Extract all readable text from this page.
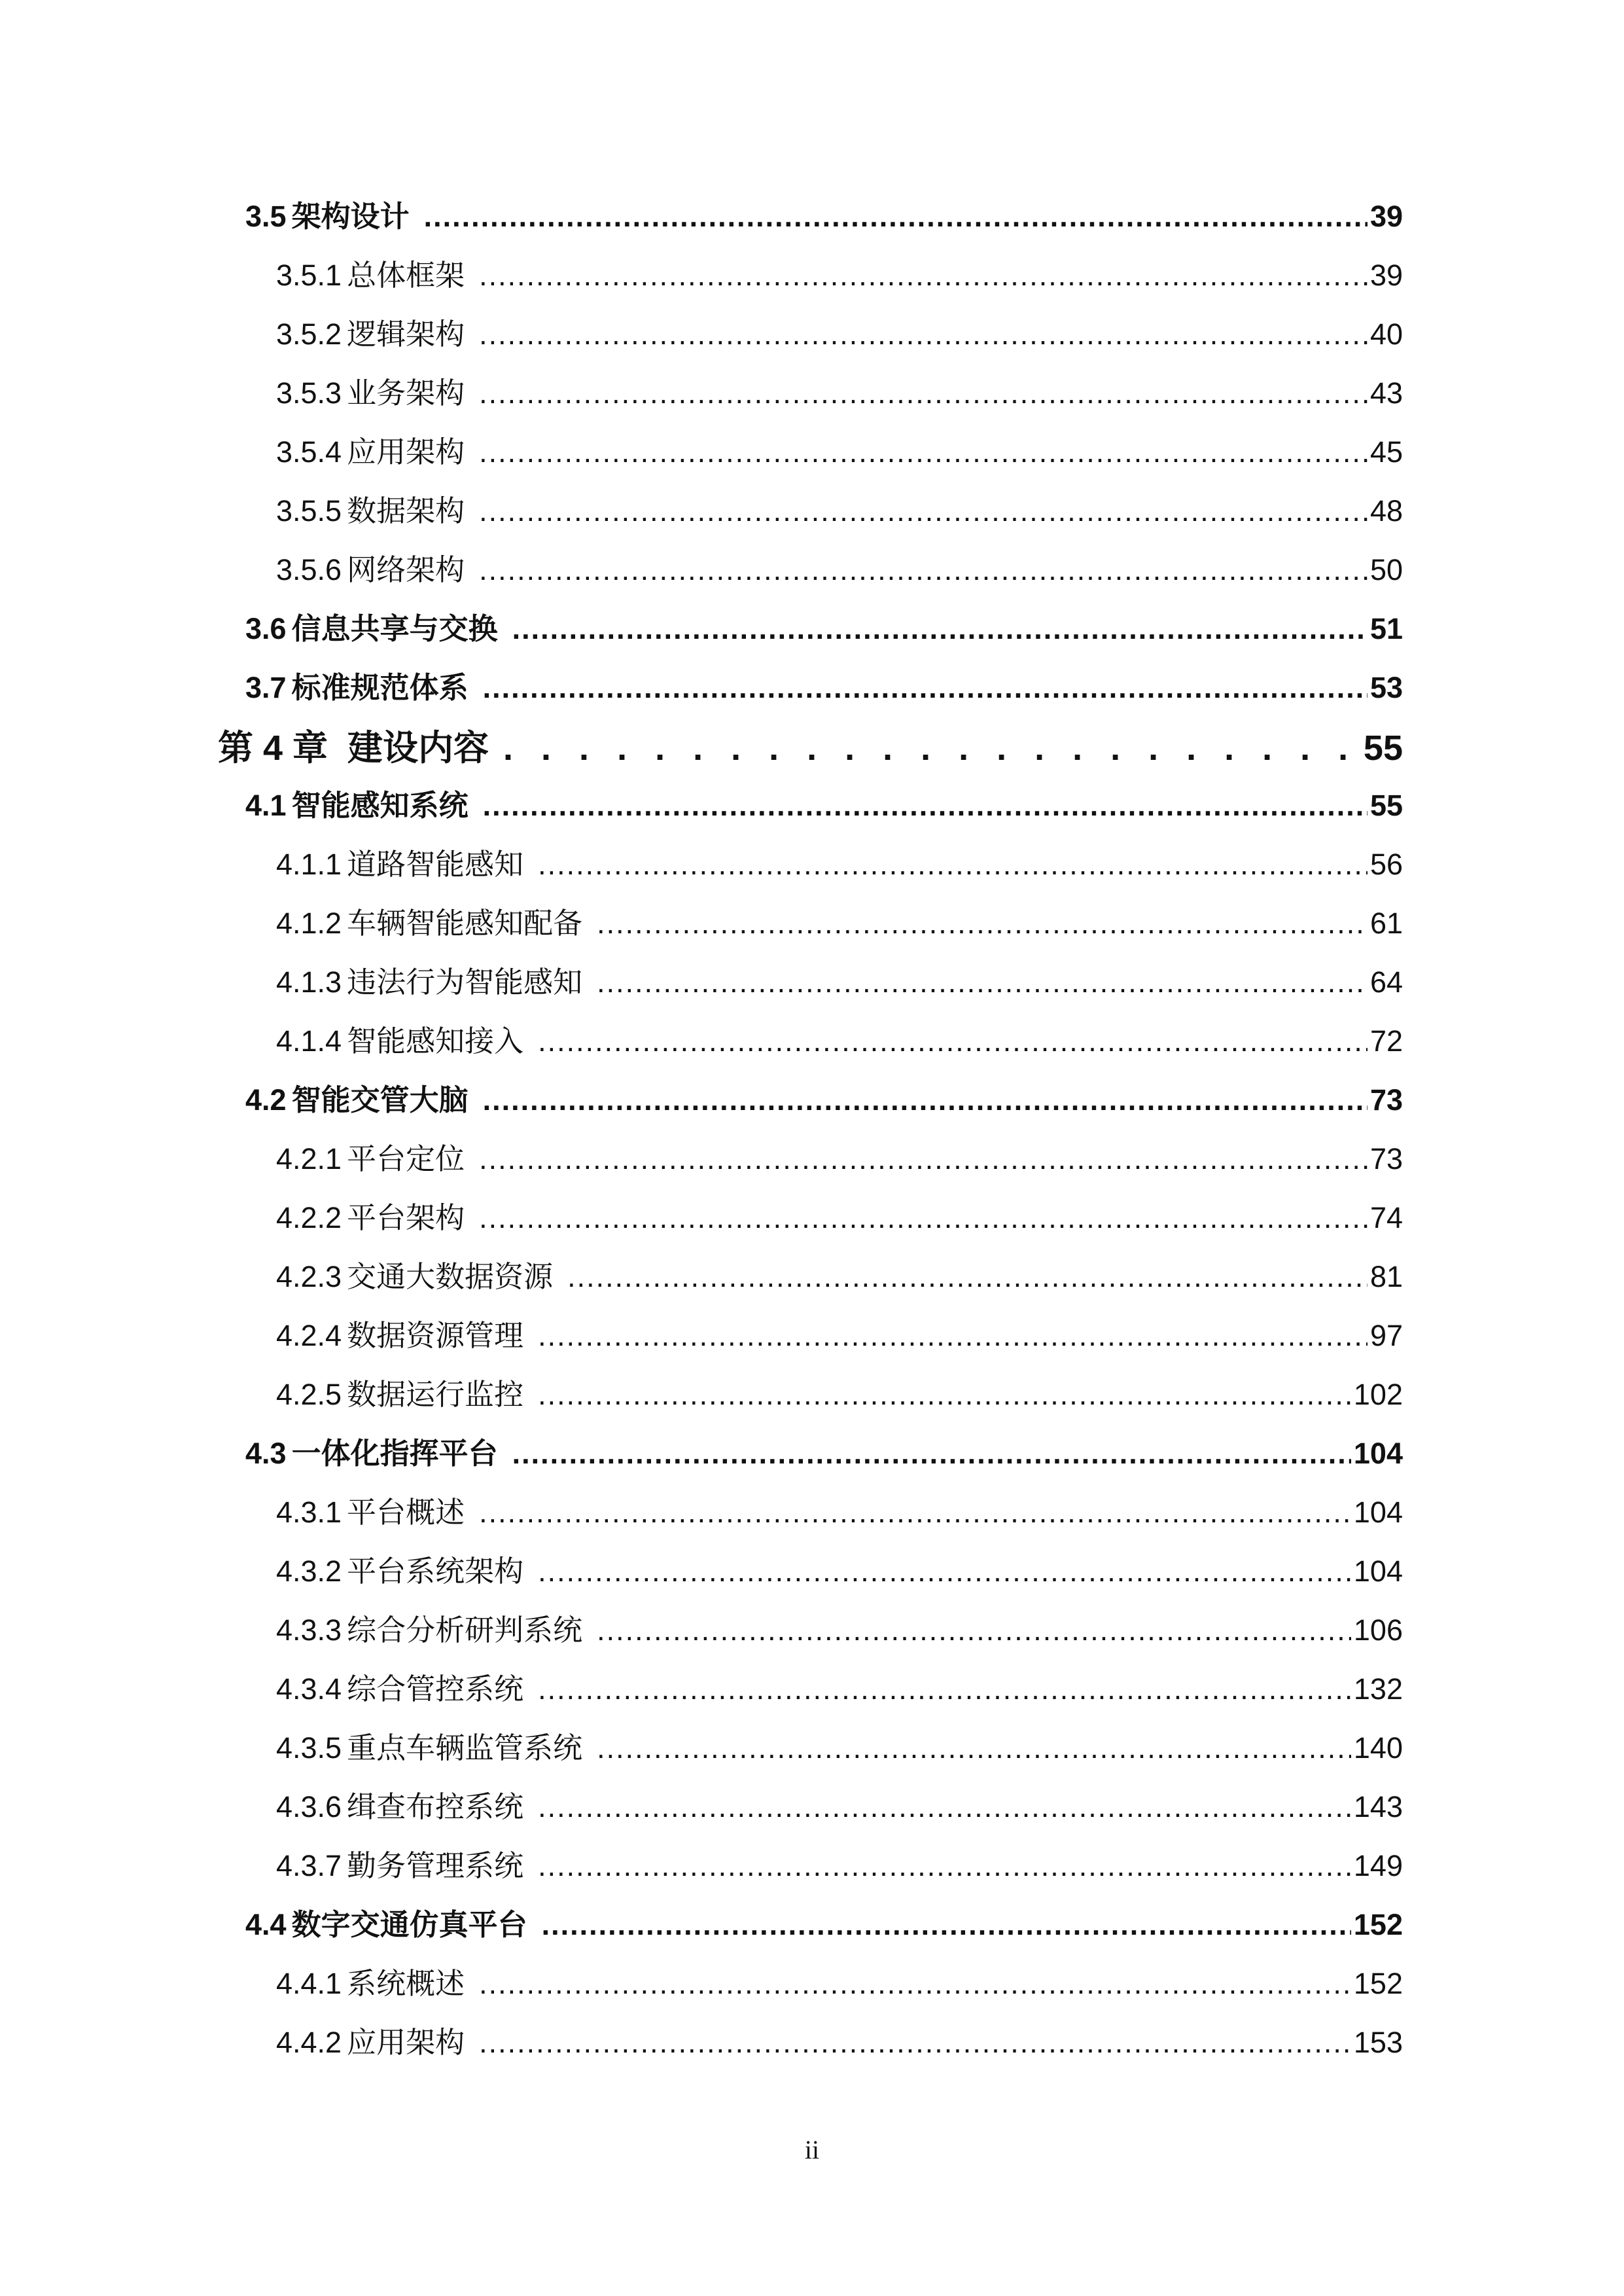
3.5 架构设计 .....	39
3.5.1 总体框架 .....	39
3.5.2 逻辑架构 .....	40
3.5.3 业务架构 .....	43
3.5.4 应用架构 .....	45
3.5.5 数据架构 .....	48
3.5.6 网络架构 .....	50
3.6 信息共享与交换 .....	51
3.7 标准规范体系 .....	53
第 4 章 建设内容 . . .	55
4.1 智能感知系统 .....	55
4.1.1 道路智能感知 .....	56
4.1.2 车辆智能感知配备 .....	61
4.1.3 违法行为智能感知 .....	64
4.1.4 智能感知接入 .....	72
4.2 智能交管大脑 .....	73
4.2.1 平台定位 .....	73
4.2.2 平台架构 .....	74
4.2.3 交通大数据资源 .....	81
4.2.4 数据资源管理 .....	97
4.2.5 数据运行监控 .....	102
4.3 一体化指挥平台 .....	104
4.3.1 平台概述 .....	104
4.3.2 平台系统架构 .....	104
4.3.3 综合分析研判系统 .....	106
4.3.4 综合管控系统 .....	132
4.3.5 重点车辆监管系统 .....	140
4.3.6 缉查布控系统 .....	143
4.3.7 勤务管理系统 .....	149
4.4 数字交通仿真平台 .....	152
4.4.1 系统概述 .....	152
4.4.2 应用架构 .....	153
ii
